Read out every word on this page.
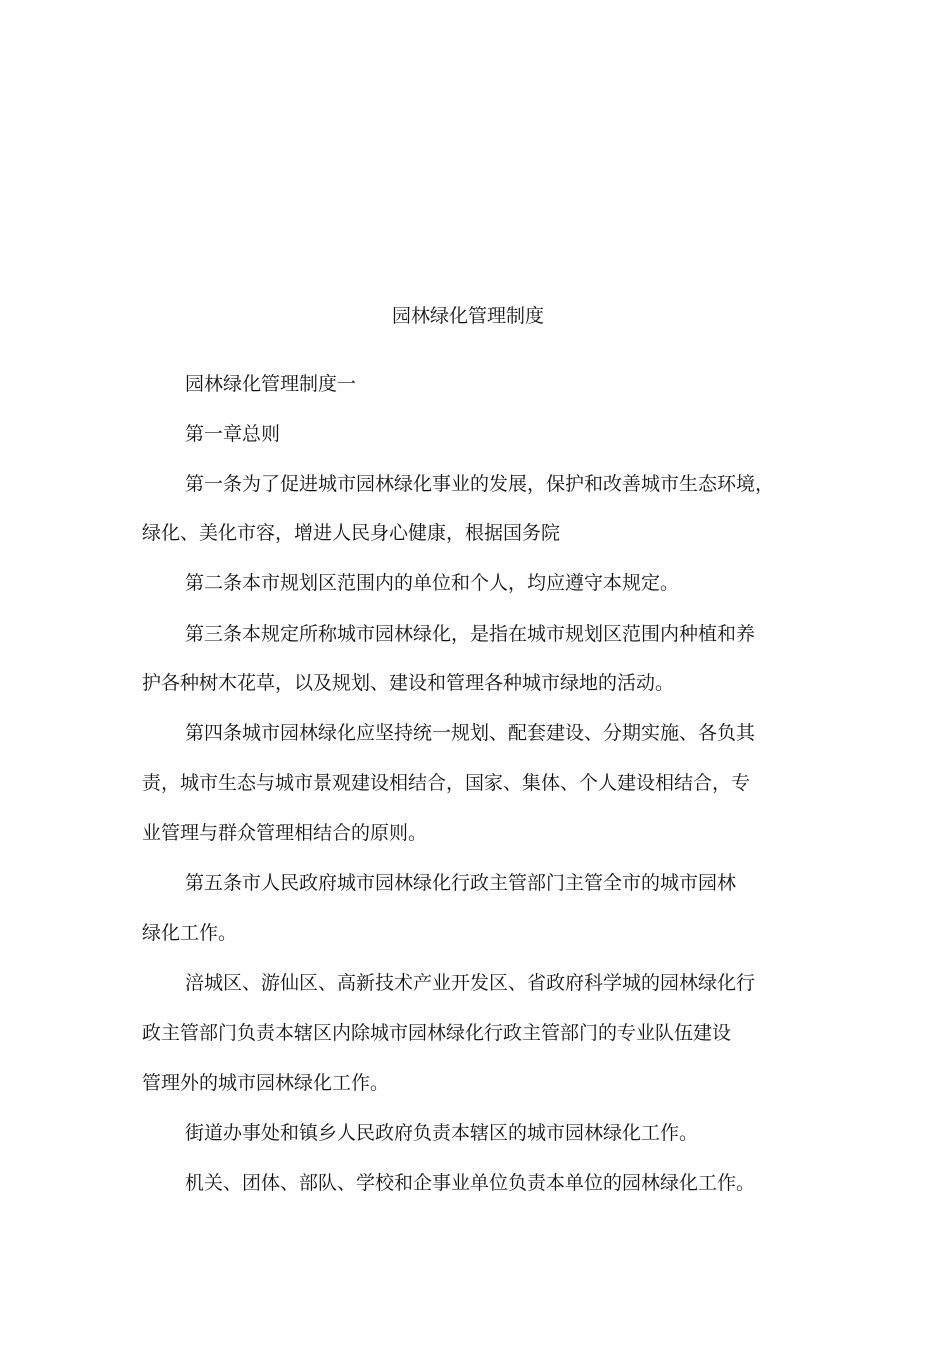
园林绿化管理制度
园林绿化管理制度一
第一章总则
第一条为了促进城市园林绿化事业的发展，保护和改善城市生态环境，
绿化、美化市容，增进人民身心健康，根据国务院
第二条本市规划区范围内的单位和个人，均应遵守本规定。
第三条本规定所称城市园林绿化，是指在城市规划区范围内种植和养
护各种树木花草，以及规划、建设和管理各种城市绿地的活动。
第四条城市园林绿化应坚持统一规划、配套建设、分期实施、各负其
责，城市生态与城市景观建设相结合，国家、集体、个人建设相结合，专
业管理与群众管理相结合的原则。
第五条市人民政府城市园林绿化行政主管部门主管全市的城市园林
绿化工作。
涪城区、游仙区、高新技术产业开发区、省政府科学城的园林绿化行
政主管部门负责本辖区内除城市园林绿化行政主管部门的专业队伍建设
管理外的城市园林绿化工作。
街道办事处和镇乡人民政府负责本辖区的城市园林绿化工作。
机关、团体、部队、学校和企事业单位负责本单位的园林绿化工作。
